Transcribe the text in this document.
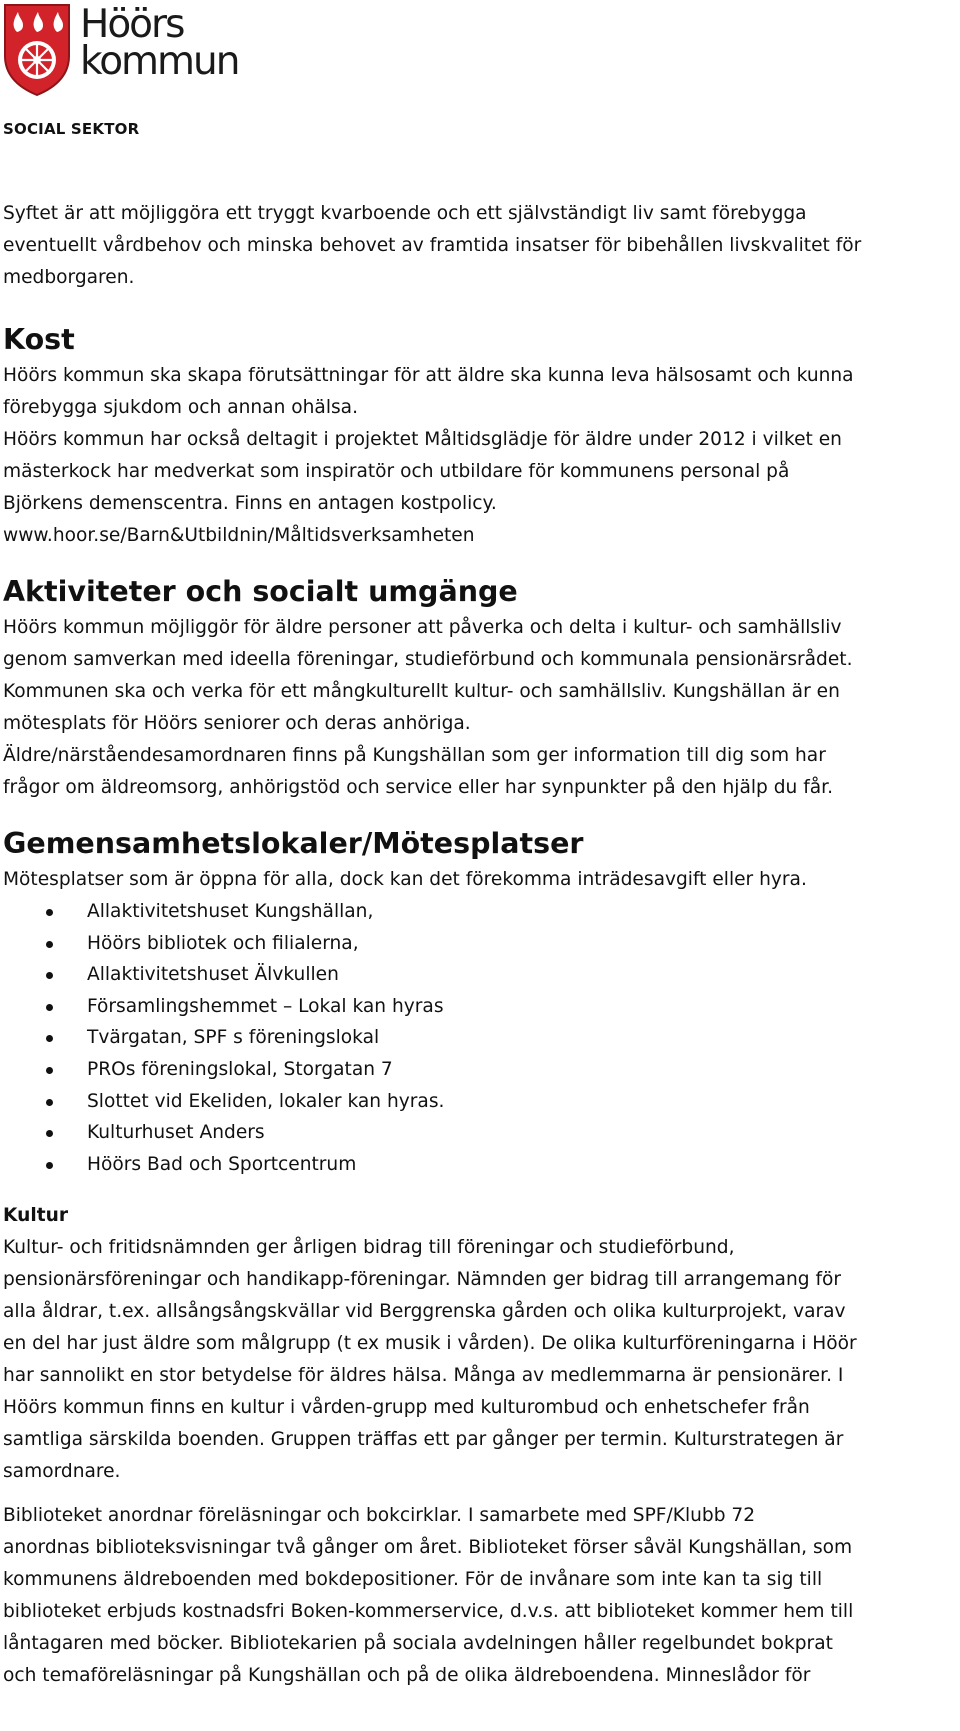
Höörs
kommun
SOCIAL SEKTOR

Syftet är att möjliggöra ett tryggt kvarboende och ett självständigt liv samt förebygga
eventuellt vårdbehov och minska behovet av framtida insatser för bibehållen livskvalitet för
medborgaren.

Kost

Höörs kommun ska skapa förutsättningar för att äldre ska kunna leva hälsosamt och kunna
förebygga sjukdom och annan ohälsa.
Höörs kommun har också deltagit i projektet Måltidsglädje för äldre under 2012 i vilket en
mästerkock har medverkat som inspiratör och utbildare för kommunens personal på
Björkens demenscentra. Finns en antagen kostpolicy.
www.hoor.se/Barn&Utbildnin/Måltidsverksamheten

Aktiviteter och socialt umgänge

Höörs kommun möjliggör för äldre personer att påverka och delta i kultur- och samhällsliv
genom samverkan med ideella föreningar, studieförbund och kommunala pensionärsrådet.
Kommunen ska och verka för ett mångkulturellt kultur- och samhällsliv. Kungshällan är en
mötesplats för Höörs seniorer och deras anhöriga.
Äldre/närståendesamordnaren finns på Kungshällan som ger information till dig som har
frågor om äldreomsorg, anhörigstöd och service eller har synpunkter på den hjälp du får.

Gemensamhetslokaler/Mötesplatser

Mötesplatser som är öppna för alla, dock kan det förekomma inträdesavgift eller hyra.

Allaktivitetshuset Kungshällan,
Höörs bibliotek och filialerna,
Allaktivitetshuset Älvkullen
Församlingshemmet – Lokal kan hyras
Tvärgatan, SPF s föreningslokal
PROs föreningslokal, Storgatan 7
Slottet vid Ekeliden, lokaler kan hyras.
Kulturhuset Anders
Höörs Bad och Sportcentrum
Kultur

Kultur- och fritidsnämnden ger årligen bidrag till föreningar och studieförbund,
pensionärsföreningar och handikapp-föreningar. Nämnden ger bidrag till arrangemang för
alla åldrar, t.ex. allsångsångskvällar vid Berggrenska gården och olika kulturprojekt, varav
en del har just äldre som målgrupp (t ex musik i vården). De olika kulturföreningarna i Höör
har sannolikt en stor betydelse för äldres hälsa. Många av medlemmarna är pensionärer. I
Höörs kommun finns en kultur i vården-grupp med kulturombud och enhetschefer från
samtliga särskilda boenden. Gruppen träffas ett par gånger per termin. Kulturstrategen är
samordnare.

Biblioteket anordnar föreläsningar och bokcirklar. I samarbete med SPF/Klubb 72
anordnas biblioteksvisningar två gånger om året. Biblioteket förser såväl Kungshällan, som
kommunens äldreboenden med bokdepositioner. För de invånare som inte kan ta sig till
biblioteket erbjuds kostnadsfri Boken-kommerservice, d.v.s. att biblioteket kommer hem till
låntagaren med böcker. Bibliotekarien på sociala avdelningen håller regelbundet bokprat
och temaföreläsningar på Kungshällan och på de olika äldreboendena. Minneslådor för
